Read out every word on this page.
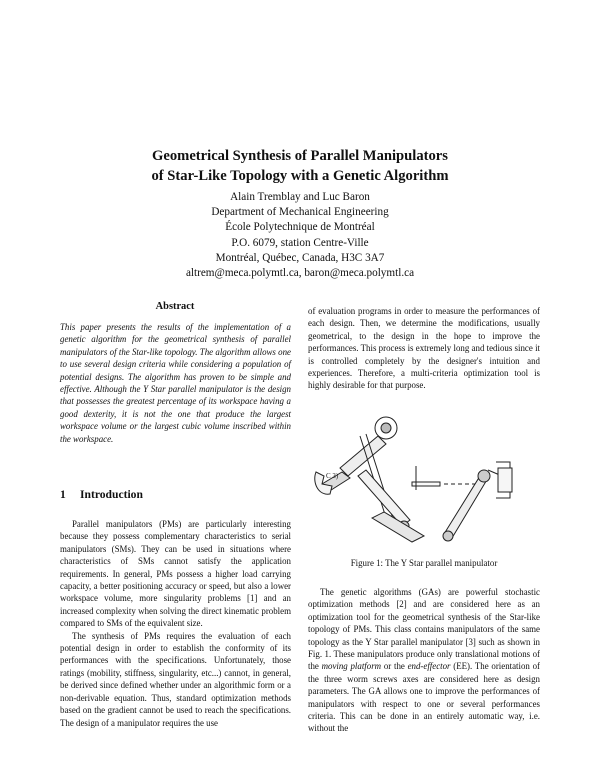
Geometrical Synthesis of Parallel Manipulators
of Star-Like Topology with a Genetic Algorithm
Alain Tremblay and Luc Baron
Department of Mechanical Engineering
École Polytechnique de Montréal
P.O. 6079, station Centre-Ville
Montréal, Québec, Canada, H3C 3A7
altrem@meca.polymtl.ca, baron@meca.polymtl.ca
Abstract
This paper presents the results of the implementation of a genetic algorithm for the geometrical synthesis of parallel manipulators of the Star-like topology. The algorithm allows one to use several design criteria while considering a population of potential designs. The algorithm has proven to be simple and effective. Although the Y Star parallel manipulator is the design that possesses the greatest percentage of its workspace having a good dexterity, it is not the one that produce the largest workspace volume or the largest cubic volume inscribed within the workspace.
1 Introduction

Parallel manipulators (PMs) are particularly interesting because they possess complementary characteristics to serial manipulators (SMs). They can be used in situations where characteristics of SMs cannot satisfy the application requirements. In general, PMs possess a higher load carrying capacity, a better positioning accuracy or speed, but also a lower workspace volume, more singularity problems [1] and an increased complexity when solving the direct kinematic problem compared to SMs of the equivalent size.

The synthesis of PMs requires the evaluation of each potential design in order to establish the conformity of its performances with the specifications. Unfortunately, those ratings (mobility, stiffness, singularity, etc...) cannot, in general, be derived since defined whether under an algorithmic form or a non-derivable equation. Thus, standard optimization methods based on the gradient cannot be used to reach the specifications. The design of a manipulator requires the use

of evaluation programs in order to measure the performances of each design. Then, we determine the modifications, usually geometrical, to the design in the hope to improve the performances. This process is extremely long and tedious since it is controlled completely by the designer's intuition and experiences. Therefore, a multi-criteria optimization tool is highly desirable for that purpose.

C 3)
Figure 1: The Y Star parallel manipulator

The genetic algorithms (GAs) are powerful stochastic optimization methods [2] and are considered here as an optimization tool for the geometrical synthesis of the Star-like topology of PMs. This class contains manipulators of the same topology as the Y Star parallel manipulator [3] such as shown in Fig. 1. These manipulators produce only translational motions of the moving platform or the end-effector (EE). The orientation of the three worm screws axes are considered here as design parameters. The GA allows one to improve the performances of manipulators with respect to one or several performances criteria. This can be done in an entirely automatic way, i.e. without the
